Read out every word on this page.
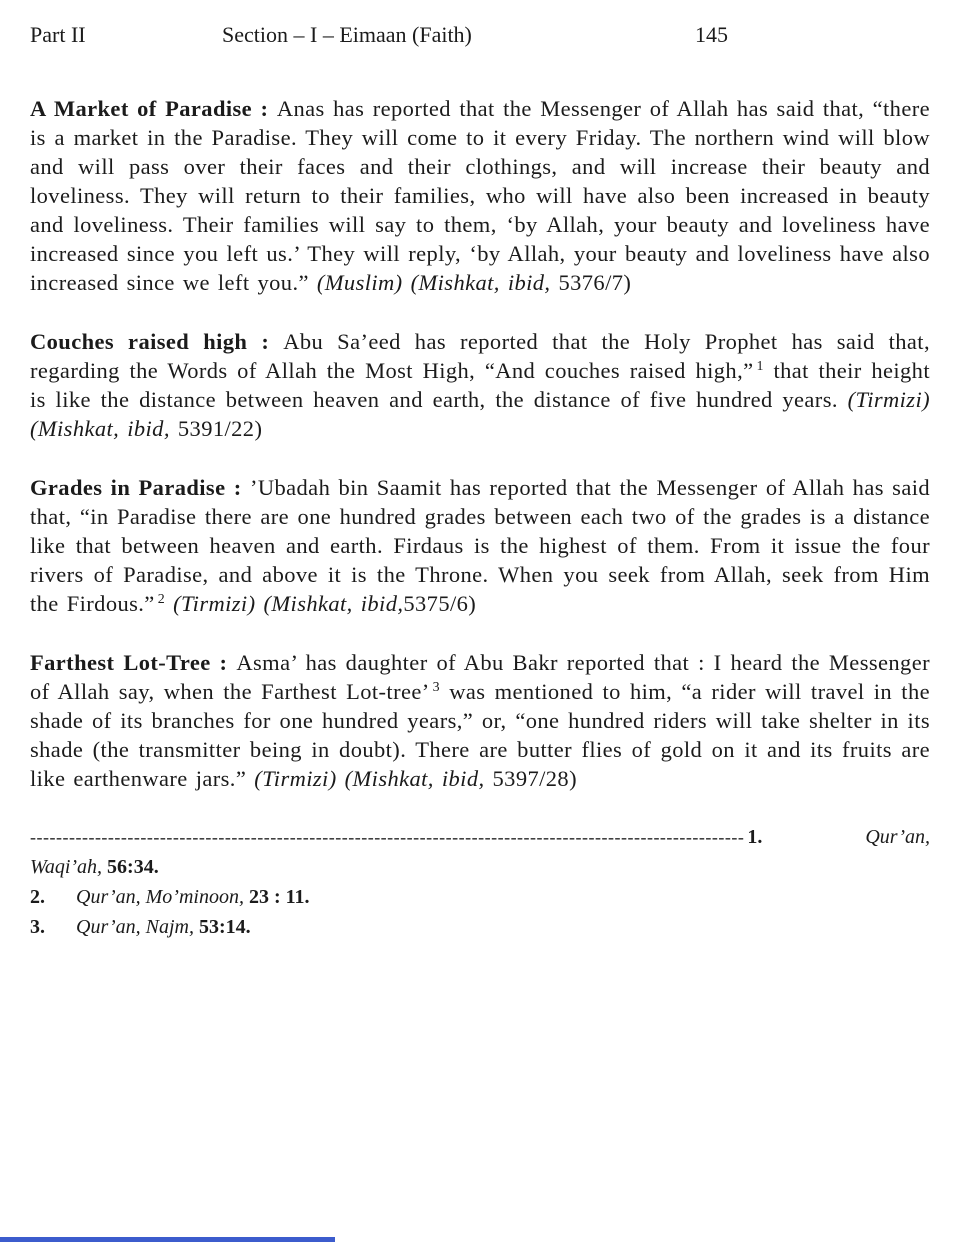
Part II	Section – I – Eimaan (Faith)	145

A Market of Paradise : Anas has reported that the Messenger of Allah has said that, “there is a market in the Paradise. They will come to it every Friday. The northern wind will blow and will pass over their faces and their clothings, and will increase their beauty and loveliness. They will return to their families, who will have also been increased in beauty and loveliness. Their families will say to them, ‘by Allah, your beauty and loveliness have increased since you left us.’ They will reply, ‘by Allah, your beauty and loveliness have also increased since we left you.” (Muslim) (Mishkat, ibid, 5376/7)

Couches raised high : Abu Sa’eed has reported that the Holy Prophet has said that, regarding the Words of Allah the Most High, “And couches raised high,” $^1$ that their height is like the distance between heaven and earth, the distance of five hundred years. (Tirmizi) (Mishkat, ibid, 5391/22)

Grades in Paradise : ’Ubadah bin Saamit has reported that the Messenger of Allah has said that, “in Paradise there are one hundred grades between each two of the grades is a distance like that between heaven and earth. Firdaus is the highest of them. From it issue the four rivers of Paradise, and above it is the Throne. When you seek from Allah, seek from Him the Firdous.” $^2$ (Tirmizi) (Mishkat, ibid,5375/6)

Farthest Lot-Tree : Asma’ has daughter of Abu Bakr reported that : I heard the Messenger of Allah say, when the Farthest Lot-tree’ $^3$ was mentioned to him, “a rider will travel in the shade of its branches for one hundred years,” or, “one hundred riders will take shelter in its shade (the transmitter being in doubt). There are butter flies of gold on it and its fruits are like earthenware jars.” (Tirmizi) (Mishkat, ibid, 5397/28)

-------------------------------------------------------------------------------------------------------------- 1.	Qur’an,
Waqi’ah, 56:34.
2.	Qur’an, Mo’minoon, 23 : 11.
3.	Qur’an, Najm, 53:14.
